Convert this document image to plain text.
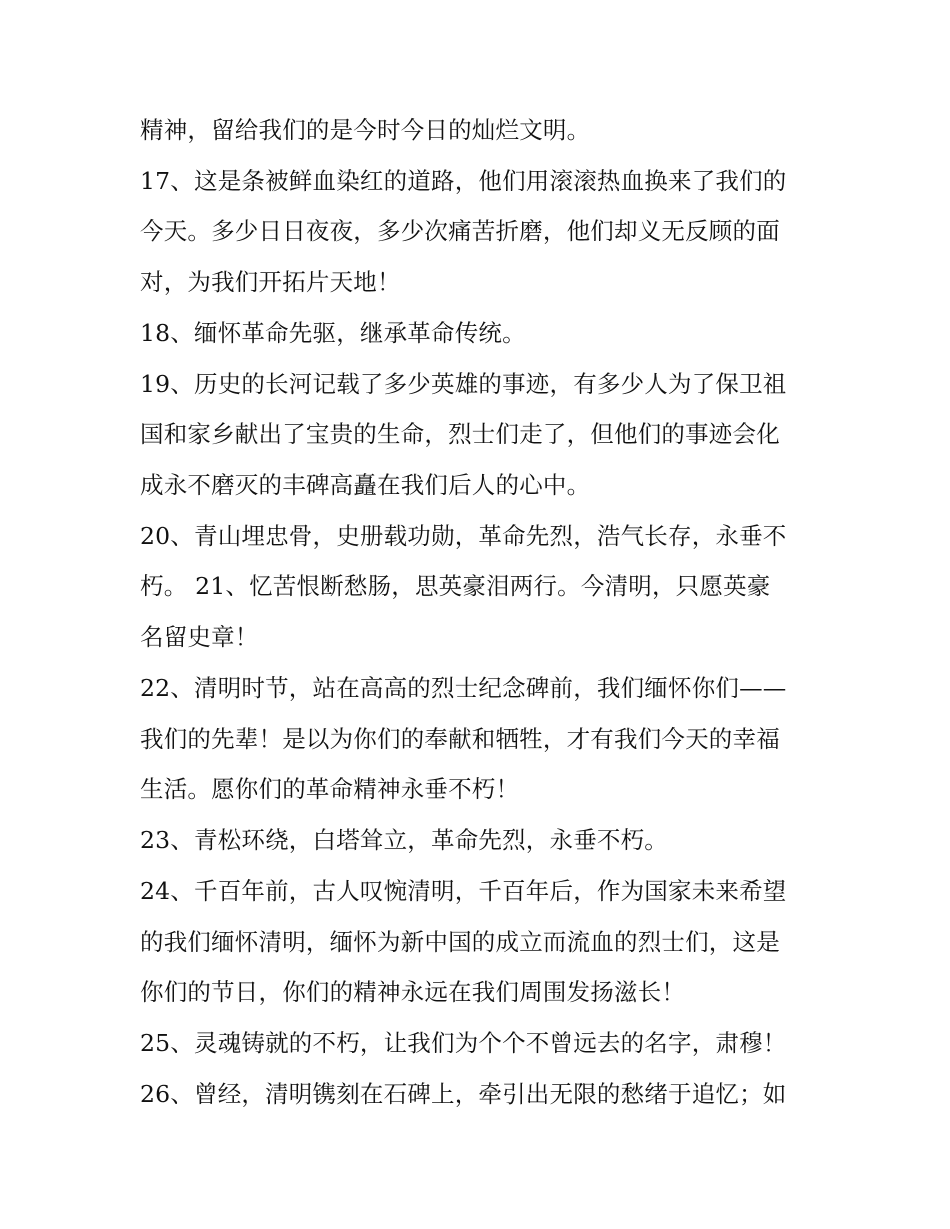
精神，留给我们的是今时今日的灿烂文明。
17、这是条被鲜血染红的道路，他们用滚滚热血换来了我们的
今天。多少日日夜夜，多少次痛苦折磨，他们却义无反顾的面
对，为我们开拓片天地！
18、缅怀革命先驱，继承革命传统。
19、历史的长河记载了多少英雄的事迹，有多少人为了保卫祖
国和家乡献出了宝贵的生命，烈士们走了，但他们的事迹会化
成永不磨灭的丰碑高矗在我们后人的心中。
20、青山埋忠骨，史册载功勋，革命先烈，浩气长存，永垂不
朽。 21、忆苦恨断愁肠，思英豪泪两行。今清明，只愿英豪
名留史章！
22、清明时节，站在高高的烈士纪念碑前，我们缅怀你们——
我们的先辈！是以为你们的奉献和牺牲，才有我们今天的幸福
生活。愿你们的革命精神永垂不朽！
23、青松环绕，白塔耸立，革命先烈，永垂不朽。
24、千百年前，古人叹惋清明，千百年后，作为国家未来希望
的我们缅怀清明，缅怀为新中国的成立而流血的烈士们，这是
你们的节日，你们的精神永远在我们周围发扬滋长！
25、灵魂铸就的不朽，让我们为个个不曾远去的名字，肃穆！
26、曾经，清明镌刻在石碑上，牵引出无限的愁绪于追忆；如
